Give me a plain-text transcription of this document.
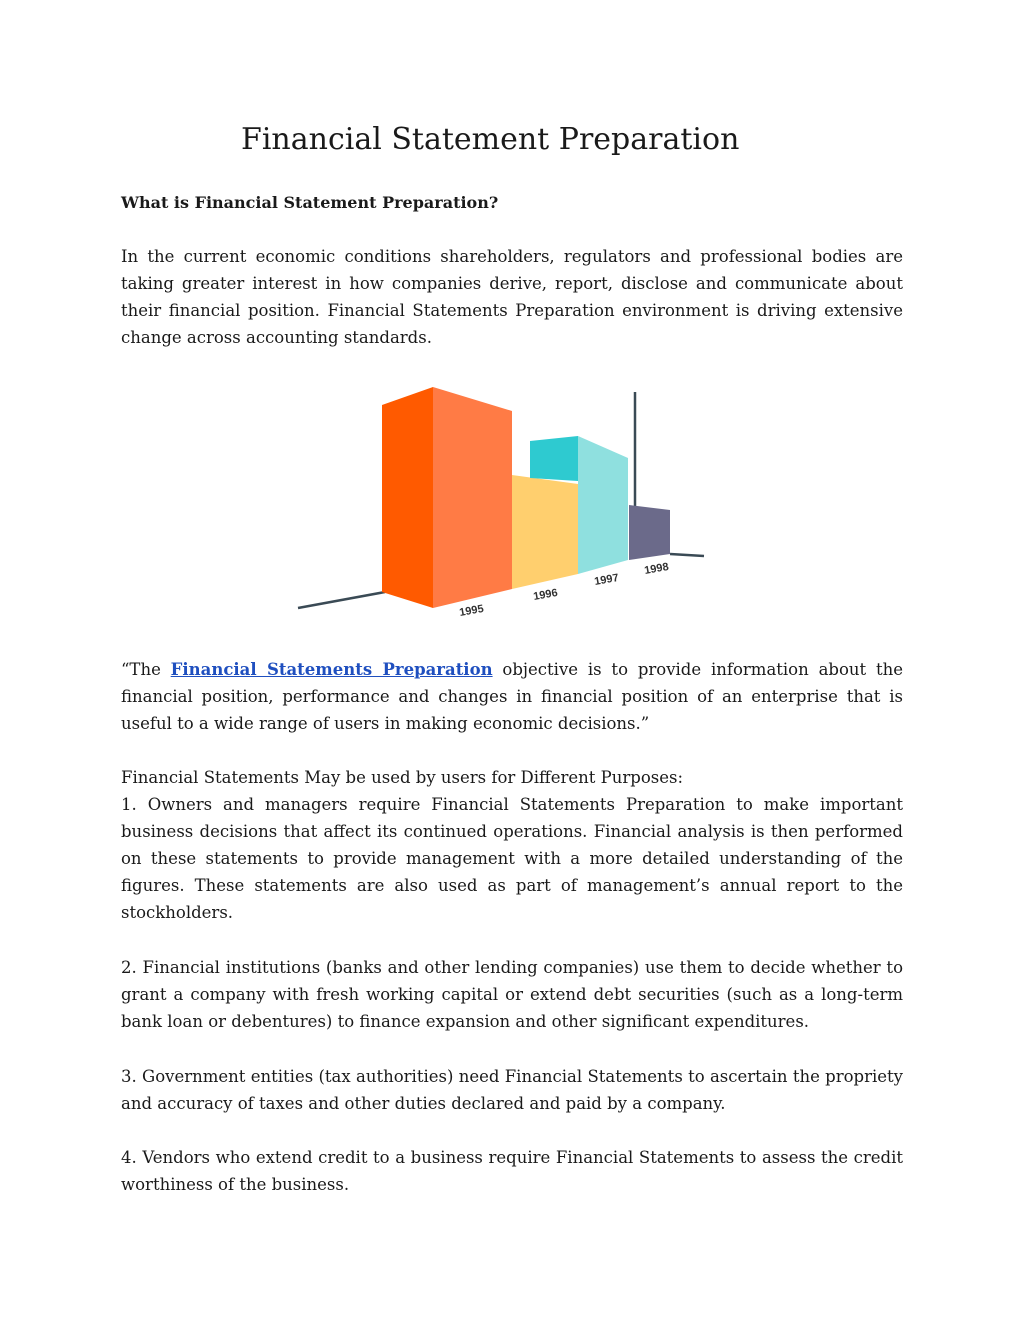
Financial Statement Preparation

What is Financial Statement Preparation?

In the current economic conditions shareholders, regulators and professional bodies are taking greater interest in how companies derive, report, disclose and communicate about their financial position. Financial Statements Preparation environment is driving extensive change across accounting standards.

1995
1996
1997
1998

“The Financial Statements Preparation objective is to provide information about the financial position, performance and changes in financial position of an enterprise that is useful to a wide range of users in making economic decisions.”

Financial Statements May be used by users for Different Purposes:
1. Owners and managers require Financial Statements Preparation to make important business decisions that affect its continued operations. Financial analysis is then performed on these statements to provide management with a more detailed understanding of the figures. These statements are also used as part of management’s annual report to the stockholders.

2. Financial institutions (banks and other lending companies) use them to decide whether to grant a company with fresh working capital or extend debt securities (such as a long-term bank loan or debentures) to finance expansion and other significant expenditures.

3. Government entities (tax authorities) need Financial Statements to ascertain the propriety and accuracy of taxes and other duties declared and paid by a company.

4. Vendors who extend credit to a business require Financial Statements to assess the credit worthiness of the business.
